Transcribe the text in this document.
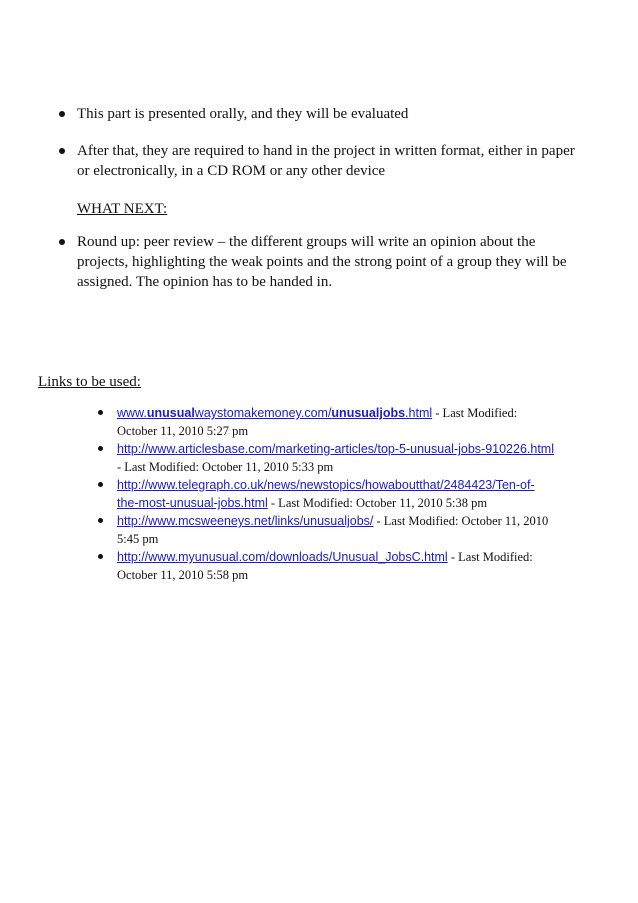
This part is presented orally, and they will be evaluated
After that, they are required to hand in the project in written format, either in paper or electronically, in a CD ROM or any other device
WHAT NEXT:
Round up: peer review – the different groups will write an opinion about the projects, highlighting the weak points and the strong point of a group they will be assigned. The opinion has to be handed in.
Links to be used:
www.unusualwaystomakemoney.com/unusualjobs.html - Last Modified: October 11, 2010 5:27 pm
http://www.articlesbase.com/marketing-articles/top-5-unusual-jobs-910226.html - Last Modified: October 11, 2010 5:33 pm
http://www.telegraph.co.uk/news/newstopics/howaboutthat/2484423/Ten-of-the-most-unusual-jobs.html - Last Modified: October 11, 2010 5:38 pm
http://www.mcsweeneys.net/links/unusualjobs/ - Last Modified: October 11, 2010 5:45 pm
http://www.myunusual.com/downloads/Unusual_JobsC.html - Last Modified: October 11, 2010 5:58 pm
